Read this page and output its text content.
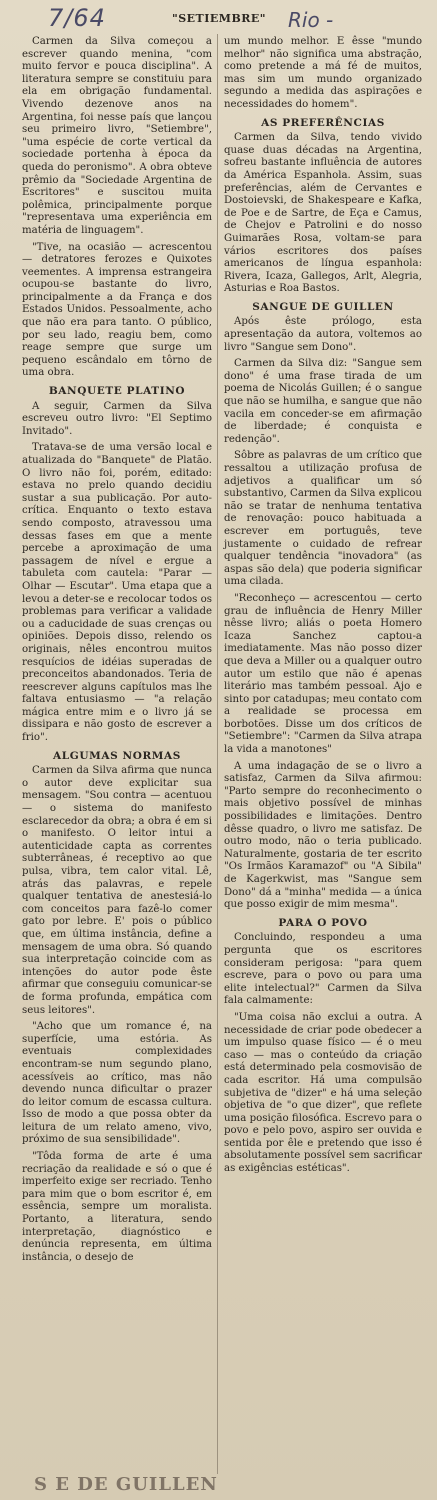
7/64	"SETIEMBRE" Rio -

Carmen da Silva começou a escrever quando menina, "com muito fervor e pouca disciplina". A literatura sempre se constituiu para ela em obrigação fundamental. Vivendo dezenove anos na Argentina, foi nesse país que lançou seu primeiro livro, "Setiembre", "uma espécie de corte vertical da sociedade portenha à época da queda do peronismo". A obra obteve prêmio da "Sociedade Argentina de Escritores" e suscitou muita polêmica, principalmente porque "representava uma experiência em matéria de linguagem".

"Tive, na ocasião — acrescentou — detratores ferozes e Quixotes veementes. A imprensa estrangeira ocupou-se bastante do livro, principalmente a da França e dos Estados Unidos. Pessoalmente, acho que não era para tanto. O público, por seu lado, reagiu bem, como reage sempre que surge um pequeno escândalo em tôrno de uma obra.

BANQUETE PLATINO

A seguir, Carmen da Silva escreveu outro livro: "El Septimo Invitado".

Tratava-se de uma versão local e atualizada do "Banquete" de Platão. O livro não foi, porém, editado: estava no prelo quando decidiu sustar a sua publicação. Por auto-crítica. Enquanto o texto estava sendo composto, atravessou uma dessas fases em que a mente percebe a aproximação de uma passagem de nível e ergue a tabuleta com cautela: "Parar — Olhar — Escutar". Uma etapa que a levou a deter-se e recolocar todos os problemas para verificar a validade ou a caducidade de suas crenças ou opiniões. Depois disso, relendo os originais, nêles encontrou muitos resquícios de idéias superadas de preconceitos abandonados. Teria de reescrever alguns capítulos mas lhe faltava entusiasmo — "a relação mágica entre mim e o livro já se dissipara e não gosto de escrever a frio".

ALGUMAS NORMAS

Carmen da Silva afirma que nunca o autor deve explicitar sua mensagem. "Sou contra — acentuou — o sistema do manifesto esclarecedor da obra; a obra é em si o manifesto. O leitor intui a autenticidade capta as correntes subterrâneas, é receptivo ao que pulsa, vibra, tem calor vital. Lê, atrás das palavras, e repele qualquer tentativa de anestesiá-lo com conceitos para fazê-lo comer gato por lebre. E' pois o público que, em última instância, define a mensagem de uma obra. Só quando sua interpretação coincide com as intenções do autor pode êste afirmar que conseguiu comunicar-se de forma profunda, empática com seus leitores".

"Acho que um romance é, na superfície, uma estória. As eventuais complexidades encontram-se num segundo plano, acessíveis ao crítico, mas não devendo nunca dificultar o prazer do leitor comum de escassa cultura. Isso de modo a que possa obter da leitura de um relato ameno, vivo, próximo de sua sensibilidade".

"Tôda forma de arte é uma recriação da realidade e só o que é imperfeito exige ser recriado. Tenho para mim que o bom escritor é, em essência, sempre um moralista. Portanto, a literatura, sendo interpretação, diagnóstico e denúncia representa, em última instância, o desejo de

um mundo melhor. E êsse "mundo melhor" não significa uma abstração, como pretende a má fé de muitos, mas sim um mundo organizado segundo a medida das aspirações e necessidades do homem".

AS PREFERÊNCIAS

Carmen da Silva, tendo vivido quase duas décadas na Argentina, sofreu bastante influência de autores da América Espanhola. Assim, suas preferências, além de Cervantes e Dostoievski, de Shakespeare e Kafka, de Poe e de Sartre, de Eça e Camus, de Chejov e Patrolini e do nosso Guimarães Rosa, voltam-se para vários escritores dos países americanos de língua espanhola: Rivera, Icaza, Gallegos, Arlt, Alegria, Asturias e Roa Bastos.

SANGUE DE GUILLEN

Após êste prólogo, esta apresentação da autora, voltemos ao livro "Sangue sem Dono".

Carmen da Silva diz: "Sangue sem dono" é uma frase tirada de um poema de Nicolás Guillen; é o sangue que não se humilha, e sangue que não vacila em conceder-se em afirmação de liberdade; é conquista e redenção".

Sôbre as palavras de um crítico que ressaltou a utilização profusa de adjetivos a qualificar um só substantivo, Carmen da Silva explicou não se tratar de nenhuma tentativa de renovação: pouco habituada a escrever em português, teve justamente o cuidado de refrear qualquer tendência "inovadora" (as aspas são dela) que poderia significar uma cilada.

"Reconheço — acrescentou — certo grau de influência de Henry Miller nêsse livro; aliás o poeta Homero Icaza Sanchez captou-a imediatamente. Mas não posso dizer que deva a Miller ou a qualquer outro autor um estilo que não é apenas literário mas também pessoal. Ajo e sinto por catadupas; meu contato com a realidade se processa em borbotões. Disse um dos críticos de "Setiembre": "Carmen da Silva atrapa la vida a manotones"

A uma indagação de se o livro a satisfaz, Carmen da Silva afirmou: "Parto sempre do reconhecimento o mais objetivo possível de minhas possibilidades e limitações. Dentro dêsse quadro, o livro me satisfaz. De outro modo, não o teria publicado. Naturalmente, gostaria de ter escrito "Os Irmãos Karamazof" ou "A Sibila" de Kagerkwist, mas "Sangue sem Dono" dá a "minha" medida — a única que posso exigir de mim mesma".

PARA O POVO

Concluindo, respondeu a uma pergunta que os escritores consideram perigosa: "para quem escreve, para o povo ou para uma elite intelectual?" Carmen da Silva fala calmamente:

"Uma coisa não exclui a outra. A necessidade de criar pode obedecer a um impulso quase físico — é o meu caso — mas o conteúdo da criação está determinado pela cosmovisão de cada escritor. Há uma compulsão subjetiva de "dizer" e há uma seleção objetiva de "o que dizer", que reflete uma posição filosófica. Escrevo para o povo e pelo povo, aspiro ser ouvida e sentida por êle e pretendo que isso é absolutamente possível sem sacrificar as exigências estéticas".

S E DE GUILLEN
